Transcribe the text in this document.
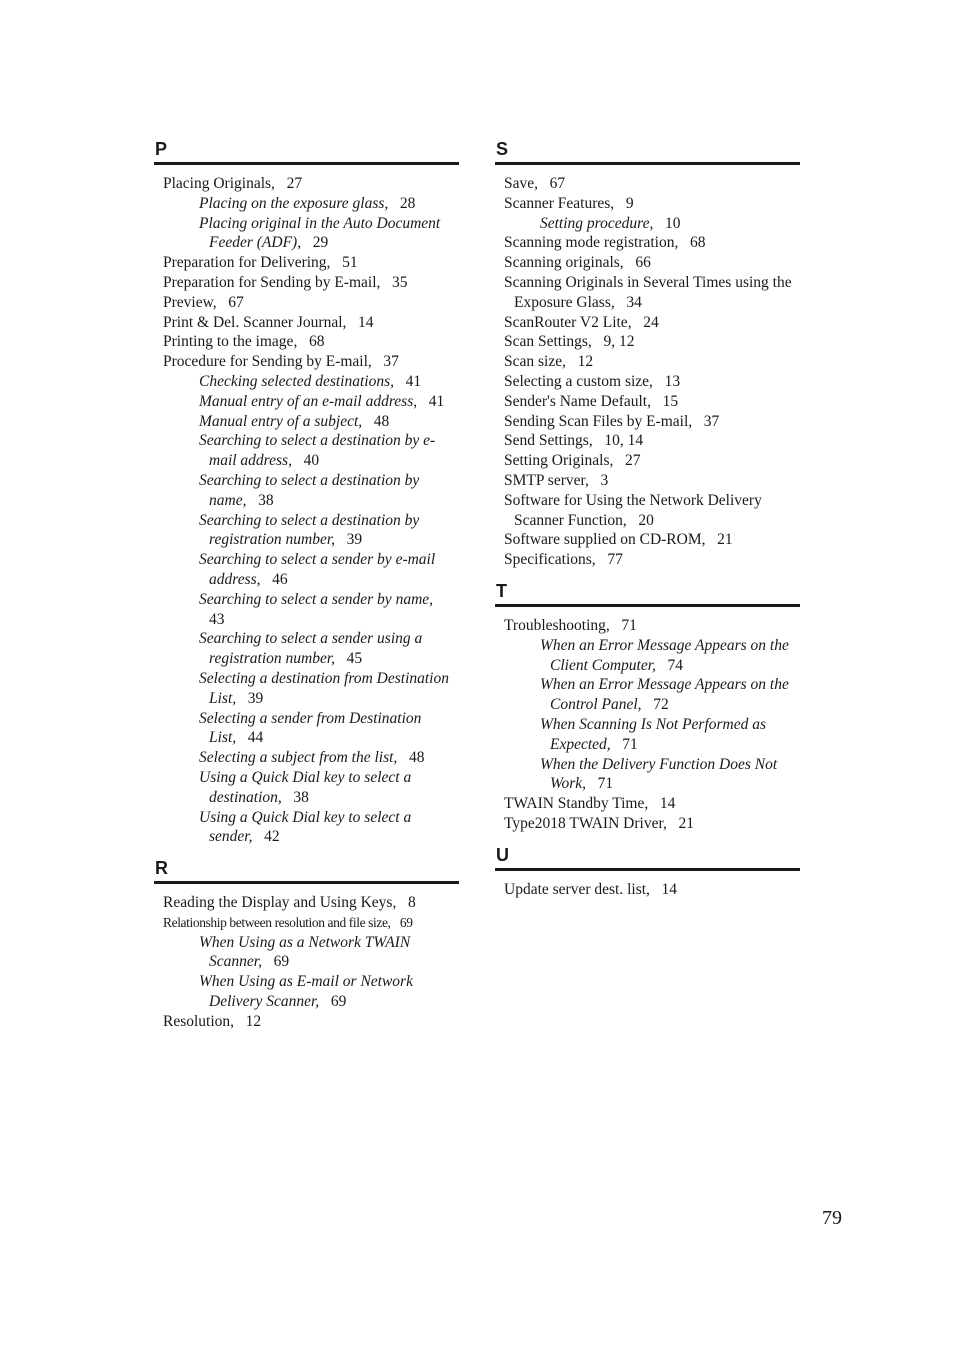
P
Placing Originals,  27
Placing on the exposure glass,  28
Placing original in the Auto Document Feeder (ADF),  29
Preparation for Delivering,  51
Preparation for Sending by E-mail,  35
Preview,  67
Print & Del. Scanner Journal,  14
Printing to the image,  68
Procedure for Sending by E-mail,  37
Checking selected destinations,  41
Manual entry of an e-mail address,  41
Manual entry of a subject,  48
Searching to select a destination by e-mail address,  40
Searching to select a destination by name,  38
Searching to select a destination by registration number,  39
Searching to select a sender by e-mail address,  46
Searching to select a sender by name,  43
Searching to select a sender using a registration number,  45
Selecting a destination from Destination List,  39
Selecting a sender from Destination List,  44
Selecting a subject from the list,  48
Using a Quick Dial key to select a destination,  38
Using a Quick Dial key to select a sender,  42
R
Reading the Display and Using Keys,  8
Relationship between resolution and file size,  69
When Using as a Network TWAIN Scanner,  69
When Using as E-mail or Network Delivery Scanner,  69
Resolution,  12
S
Save,  67
Scanner Features,  9
Setting procedure,  10
Scanning mode registration,  68
Scanning originals,  66
Scanning Originals in Several Times using the Exposure Glass,  34
ScanRouter V2 Lite,  24
Scan Settings,  9, 12
Scan size,  12
Selecting a custom size,  13
Sender's Name Default,  15
Sending Scan Files by E-mail,  37
Send Settings,  10, 14
Setting Originals,  27
SMTP server,  3
Software for Using the Network Delivery Scanner Function,  20
Software supplied on CD-ROM,  21
Specifications,  77
T
Troubleshooting,  71
When an Error Message Appears on the Client Computer,  74
When an Error Message Appears on the Control Panel,  72
When Scanning Is Not Performed as Expected,  71
When the Delivery Function Does Not Work,  71
TWAIN Standby Time,  14
Type2018 TWAIN Driver,  21
U
Update server dest. list,  14
79
